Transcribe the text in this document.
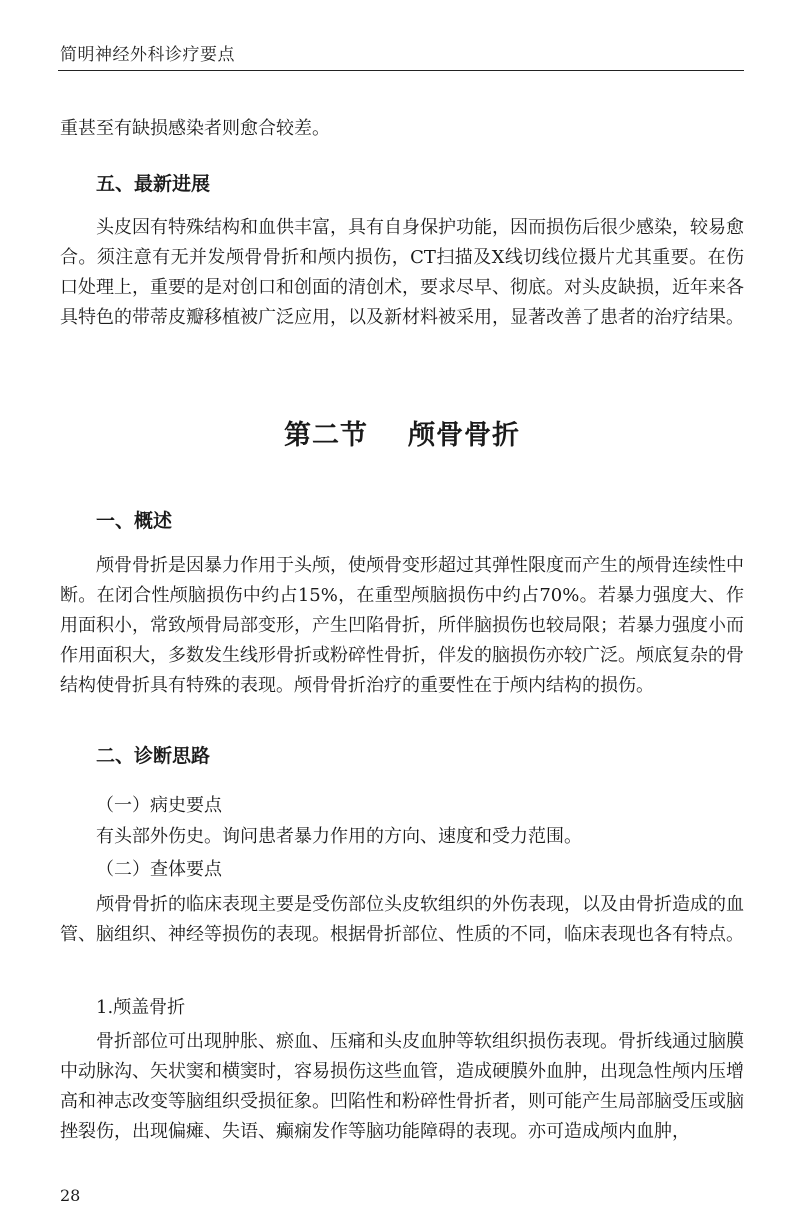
简明神经外科诊疗要点

重甚至有缺损感染者则愈合较差。

五、最新进展

头皮因有特殊结构和血供丰富，具有自身保护功能，因而损伤后很少感染，较易愈合。须注意有无并发颅骨骨折和颅内损伤，CT扫描及X线切线位摄片尤其重要。在伤口处理上，重要的是对创口和创面的清创术，要求尽早、彻底。对头皮缺损，近年来各具特色的带蒂皮瓣移植被广泛应用，以及新材料被采用，显著改善了患者的治疗结果。

第二节 颅骨骨折

一、概述

颅骨骨折是因暴力作用于头颅，使颅骨变形超过其弹性限度而产生的颅骨连续性中断。在闭合性颅脑损伤中约占15%，在重型颅脑损伤中约占70%。若暴力强度大、作用面积小，常致颅骨局部变形，产生凹陷骨折，所伴脑损伤也较局限；若暴力强度小而作用面积大，多数发生线形骨折或粉碎性骨折，伴发的脑损伤亦较广泛。颅底复杂的骨结构使骨折具有特殊的表现。颅骨骨折治疗的重要性在于颅内结构的损伤。

二、诊断思路

（一）病史要点

有头部外伤史。询问患者暴力作用的方向、速度和受力范围。

（二）查体要点

颅骨骨折的临床表现主要是受伤部位头皮软组织的外伤表现，以及由骨折造成的血管、脑组织、神经等损伤的表现。根据骨折部位、性质的不同，临床表现也各有特点。

1.颅盖骨折

骨折部位可出现肿胀、瘀血、压痛和头皮血肿等软组织损伤表现。骨折线通过脑膜中动脉沟、矢状窦和横窦时，容易损伤这些血管，造成硬膜外血肿，出现急性颅内压增高和神志改变等脑组织受损征象。凹陷性和粉碎性骨折者，则可能产生局部脑受压或脑挫裂伤，出现偏瘫、失语、癫痫发作等脑功能障碍的表现。亦可造成颅内血肿，

28
